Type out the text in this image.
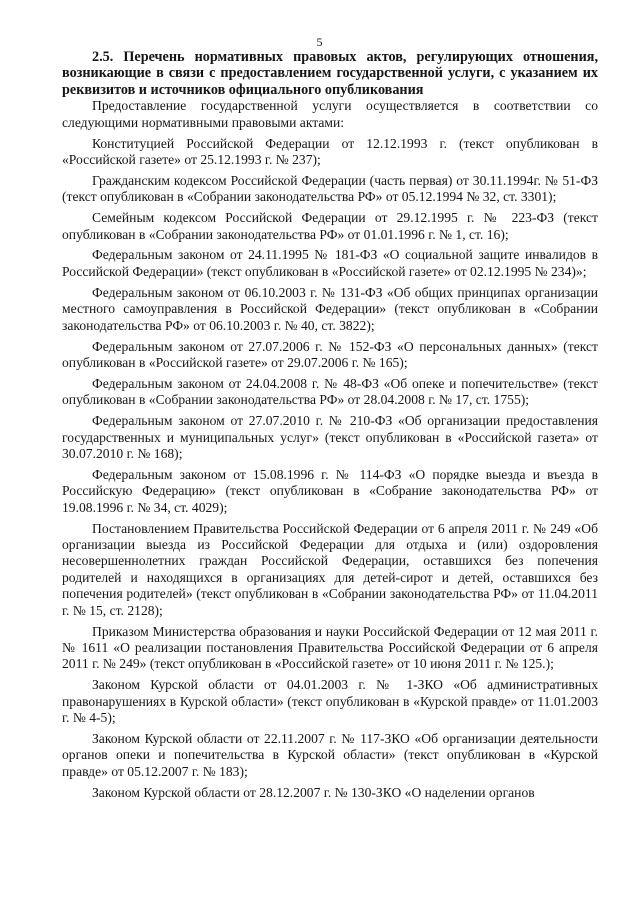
5

2.5. Перечень нормативных правовых актов, регулирующих отношения, возникающие в связи с предоставлением государственной услуги, с указанием их реквизитов и источников официального опубликования

Предоставление государственной услуги осуществляется в соответствии со следующими нормативными правовыми актами:

Конституцией Российской Федерации от 12.12.1993 г. (текст опубликован в «Российской газете» от 25.12.1993 г. № 237);

Гражданским кодексом Российской Федерации (часть первая) от 30.11.1994г. № 51-ФЗ (текст опубликован в «Собрании законодательства РФ» от 05.12.1994 № 32, ст. 3301);

Семейным кодексом Российской Федерации от 29.12.1995 г. № 223-ФЗ (текст опубликован в «Собрании законодательства РФ» от 01.01.1996 г. № 1, ст. 16);

Федеральным законом от 24.11.1995 № 181-ФЗ «О социальной защите инвалидов в Российской Федерации» (текст опубликован в «Российской газете» от 02.12.1995 № 234)»;

Федеральным законом от 06.10.2003 г. № 131-ФЗ «Об общих принципах организации местного самоуправления в Российской Федерации» (текст опубликован в «Собрании законодательства РФ» от 06.10.2003 г. № 40, ст. 3822);

Федеральным законом от 27.07.2006 г. № 152-ФЗ «О персональных данных» (текст опубликован в «Российской газете» от 29.07.2006 г. № 165);

Федеральным законом от 24.04.2008 г. № 48-ФЗ «Об опеке и попечительстве» (текст опубликован в «Собрании законодательства РФ» от 28.04.2008 г. № 17, ст. 1755);

Федеральным законом от 27.07.2010 г. № 210-ФЗ «Об организации предоставления государственных и муниципальных услуг» (текст опубликован в «Российской газета» от 30.07.2010 г. № 168);

Федеральным законом от 15.08.1996 г. № 114-ФЗ «О порядке выезда и въезда в Российскую Федерацию» (текст опубликован в «Собрание законодательства РФ» от 19.08.1996 г. № 34, ст. 4029);

Постановлением Правительства Российской Федерации от 6 апреля 2011 г. № 249 «Об организации выезда из Российской Федерации для отдыха и (или) оздоровления несовершеннолетних граждан Российской Федерации, оставшихся без попечения родителей и находящихся в организациях для детей-сирот и детей, оставшихся без попечения родителей» (текст опубликован в «Собрании законодательства РФ» от 11.04.2011 г. № 15, ст. 2128);

Приказом Министерства образования и науки Российской Федерации от 12 мая 2011 г. № 1611 «О реализации постановления Правительства Российской Федерации от 6 апреля 2011 г. № 249» (текст опубликован в «Российской газете» от 10 июня 2011 г. № 125.);

Законом Курской области от 04.01.2003 г. № 1-ЗКО «Об административных правонарушениях в Курской области» (текст опубликован в «Курской правде» от 11.01.2003 г. № 4-5);

Законом Курской области от 22.11.2007 г. № 117-ЗКО «Об организации деятельности органов опеки и попечительства в Курской области» (текст опубликован в «Курской правде» от 05.12.2007 г. № 183);

Законом Курской области от 28.12.2007 г. № 130-ЗКО «О наделении органов
